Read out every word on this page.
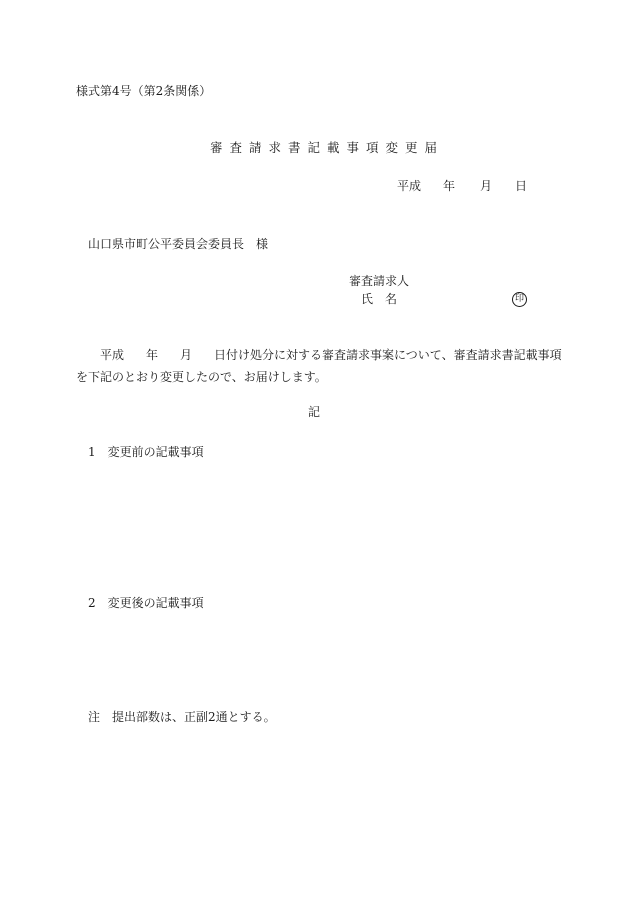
様式第4号（第2条関係）
審査請求書記載事項変更届
平成 年 月 日
山口県市町公平委員会委員長　様
審査請求人
氏　名	印
平成 年 月 日付け処分に対する審査請求事案について、審査請求書記載事項を下記のとおり変更したので、お届けします。
記
1 変更前の記載事項
2 変更後の記載事項
注 提出部数は、正副2通とする。
